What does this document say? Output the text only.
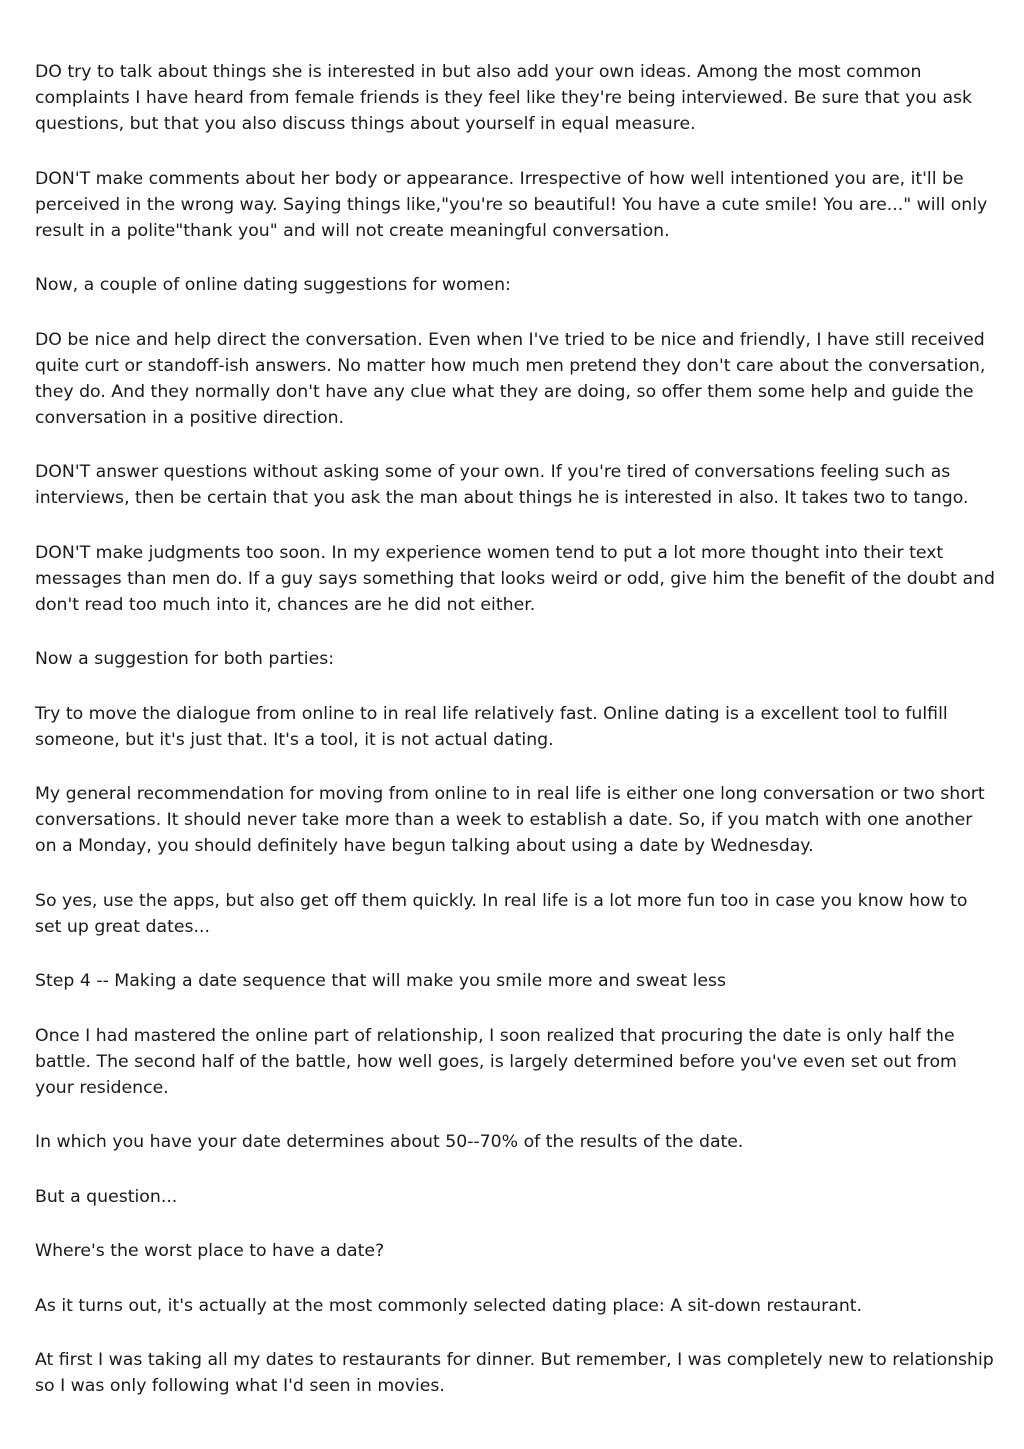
DO try to talk about things she is interested in but also add your own ideas. Among the most common complaints I have heard from female friends is they feel like they're being interviewed. Be sure that you ask questions, but that you also discuss things about yourself in equal measure.

DON'T make comments about her body or appearance. Irrespective of how well intentioned you are, it'll be perceived in the wrong way. Saying things like,"you're so beautiful! You have a cute smile! You are..." will only result in a polite"thank you" and will not create meaningful conversation.

Now, a couple of online dating suggestions for women:

DO be nice and help direct the conversation. Even when I've tried to be nice and friendly, I have still received quite curt or standoff-ish answers. No matter how much men pretend they don't care about the conversation, they do. And they normally don't have any clue what they are doing, so offer them some help and guide the conversation in a positive direction.

DON'T answer questions without asking some of your own. If you're tired of conversations feeling such as interviews, then be certain that you ask the man about things he is interested in also. It takes two to tango.

DON'T make judgments too soon. In my experience women tend to put a lot more thought into their text messages than men do. If a guy says something that looks weird or odd, give him the benefit of the doubt and don't read too much into it, chances are he did not either.

Now a suggestion for both parties:

Try to move the dialogue from online to in real life relatively fast. Online dating is a excellent tool to fulfill someone, but it's just that. It's a tool, it is not actual dating.

My general recommendation for moving from online to in real life is either one long conversation or two short conversations. It should never take more than a week to establish a date. So, if you match with one another on a Monday, you should definitely have begun talking about using a date by Wednesday.

So yes, use the apps, but also get off them quickly. In real life is a lot more fun too in case you know how to set up great dates...

Step 4 -- Making a date sequence that will make you smile more and sweat less

Once I had mastered the online part of relationship, I soon realized that procuring the date is only half the battle. The second half of the battle, how well goes, is largely determined before you've even set out from your residence.

In which you have your date determines about 50--70% of the results of the date.

But a question...

Where's the worst place to have a date?

As it turns out, it's actually at the most commonly selected dating place: A sit-down restaurant.

At first I was taking all my dates to restaurants for dinner. But remember, I was completely new to relationship so I was only following what I'd seen in movies.
